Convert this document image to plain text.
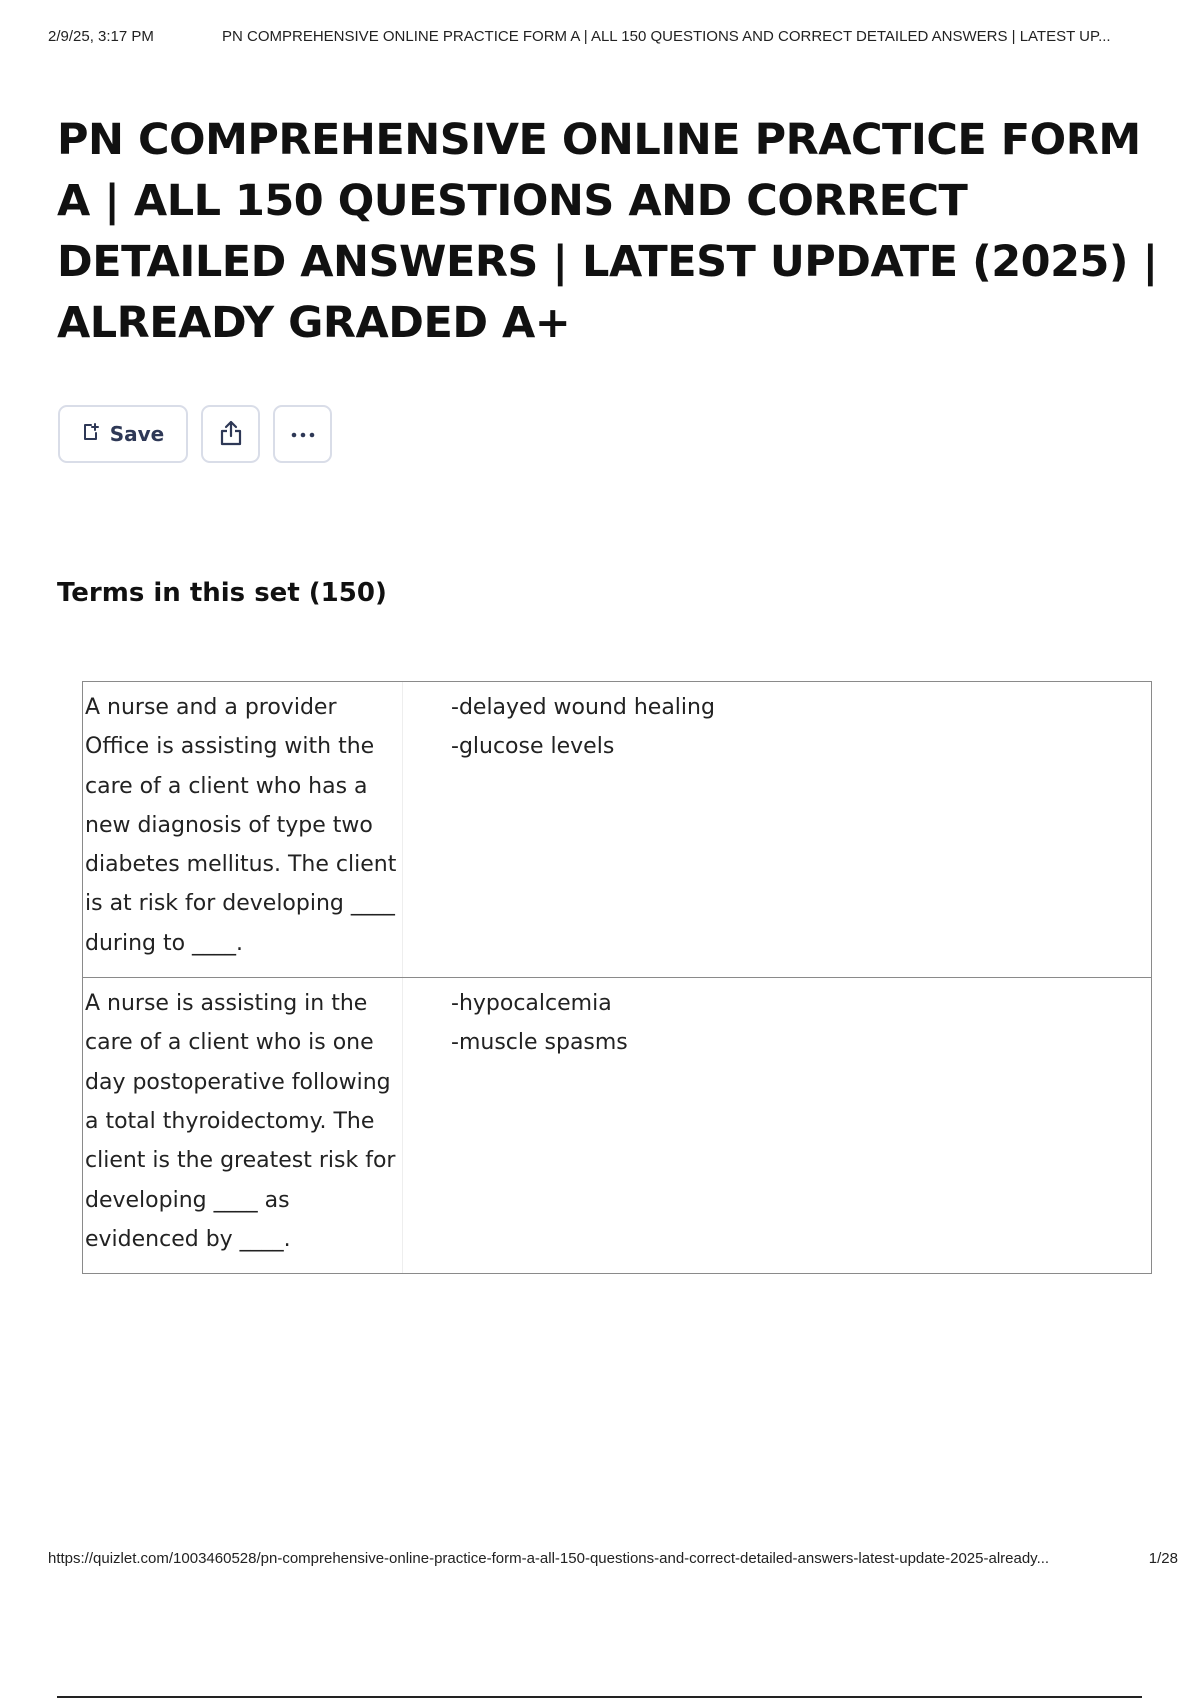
2/9/25, 3:17 PM	PN COMPREHENSIVE ONLINE PRACTICE FORM A | ALL 150 QUESTIONS AND CORRECT DETAILED ANSWERS | LATEST UP...
PN COMPREHENSIVE ONLINE PRACTICE FORM A | ALL 150 QUESTIONS AND CORRECT DETAILED ANSWERS | LATEST UPDATE (2025) | ALREADY GRADED A+
Save
Terms in this set (150)
A nurse and a provider Office is assisting with the care of a client who has a new diagnosis of type two diabetes mellitus. The client is at risk for developing ____ during to ____.
-delayed wound healing
-glucose levels
A nurse is assisting in the care of a client who is one day postoperative following a total thyroidectomy. The client is the greatest risk for developing ____ as evidenced by ____.
-hypocalcemia
-muscle spasms
https://quizlet.com/1003460528/pn-comprehensive-online-practice-form-a-all-150-questions-and-correct-detailed-answers-latest-update-2025-already...	1/28
